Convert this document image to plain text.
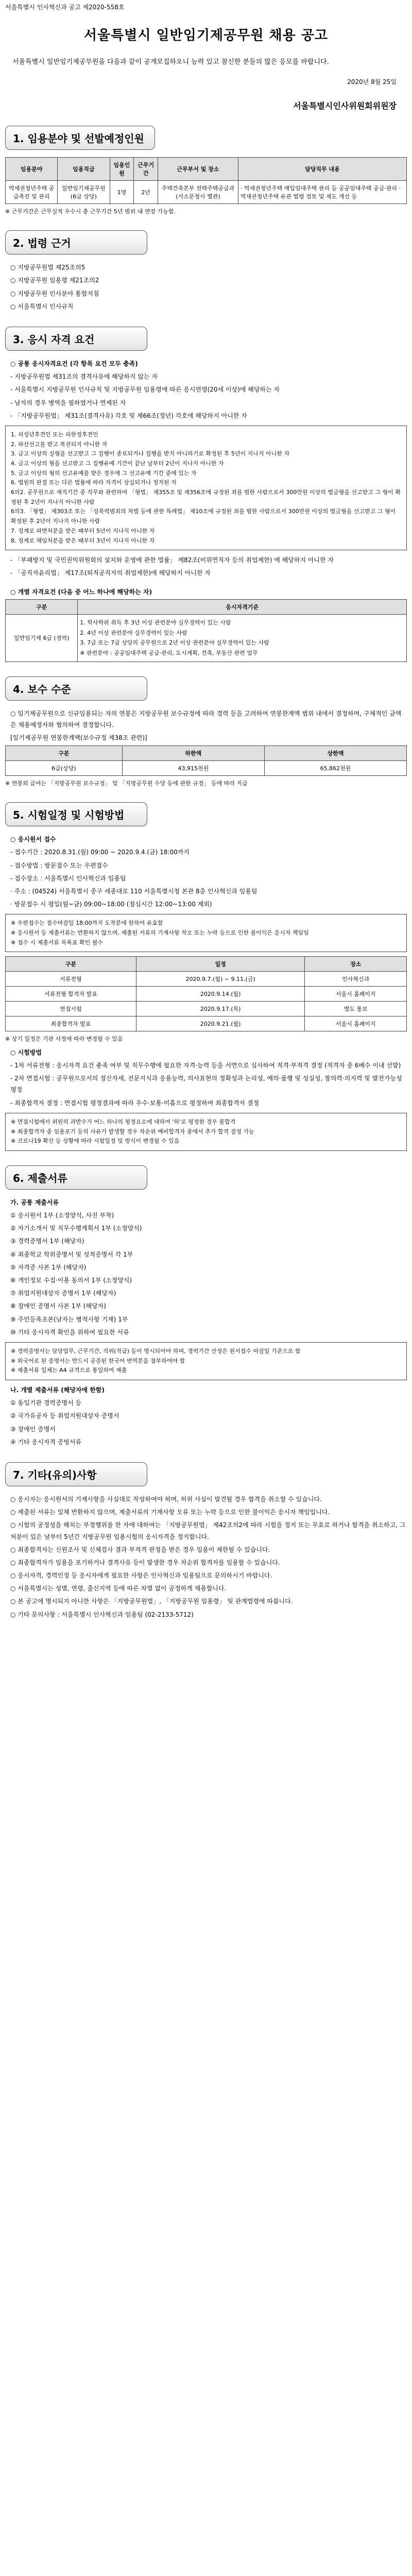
서울특별시 인사혁신과 공고 제2020-558호
서울특별시 일반임기제공무원 채용 공고
서울특별시 일반임기제공무원을 다음과 같이 공개모집하오니 능력 있고 참신한 분들의 많은 응모를 바랍니다.
2020년 8월 25일
서울특별시인사위원회위원장
1. 임용분야 및 선발예정인원
임용분야	임용직급	임용인원	근무기간	근무부서 및 장소	담당직무 내용
역세권청년주택 공급촉진 및 관리	일반임기제공무원 (6급 상당)	1명	2년	주택건축본부 전략주택공급과 (서소문청사 별관)	· 역세권청년주택 매입임대주택 관리 등 공공임대주택 공급·관리 · 역세권청년주택 유관 법령 검토 및 제도 개선 등
※ 근무기간은 근무실적 우수시 총 근무기간 5년 범위 내 연장 가능함.
2. 법령 근거

○ 지방공무원법 제25조의5

○ 지방공무원 임용령 제21조의2

○ 지방공무원 인사분야 통합지침

○ 서울특별시 인사규칙

3. 응시 자격 요건

○ 공통 응시자격요건 (각 항목 요건 모두 충족)

- 지방공무원법 제31조의 결격사유에 해당하지 않는 자

- 서울특별시 지방공무원 인사규칙 및 지방공무원 임용령에 따른 응시연령(20세 이상)에 해당하는 자

- 남자의 경우 병역을 필하였거나 면제된 자

- 「지방공무원법」 제31조(결격사유) 각호 및 제66조(정년) 각호에 해당하지 아니한 자

1. 피성년후견인 또는 피한정후견인
2. 파산선고를 받고 복권되지 아니한 자
3. 금고 이상의 실형을 선고받고 그 집행이 종료되거나 집행을 받지 아니하기로 확정된 후 5년이 지나지 아니한 자
4. 금고 이상의 형을 선고받고 그 집행유예 기간이 끝난 날부터 2년이 지나지 아니한 자
5. 금고 이상의 형의 선고유예를 받은 경우에 그 선고유예 기간 중에 있는 자
6. 법원의 판결 또는 다른 법률에 따라 자격이 상실되거나 정지된 자
6의2. 공무원으로 재직기간 중 직무와 관련하여 「형법」 제355조 및 제356조에 규정된 죄를 범한 사람으로서 300만원 이상의 벌금형을 선고받고 그 형이 확정된 후 2년이 지나지 아니한 사람
6의3. 「형법」 제303조 또는 「성폭력범죄의 처벌 등에 관한 특례법」 제10조에 규정된 죄를 범한 사람으로서 300만원 이상의 벌금형을 선고받고 그 형이 확정된 후 2년이 지나지 아니한 사람
7. 징계로 파면처분을 받은 때부터 5년이 지나지 아니한 자
8. 징계로 해임처분을 받은 때부터 3년이 지나지 아니한 자

- 「부패방지 및 국민권익위원회의 설치와 운영에 관한 법률」 제82조(비위면직자 등의 취업제한) 에 해당하지 아니한 자

- 「공직자윤리법」 제17조(퇴직공직자의 취업제한)에 해당하지 아니한 자

○ 개별 자격요건 (다음 중 어느 하나에 해당하는 자)

구분	응시자격기준
일반임기제 6급 (경력)	1. 학사학위 취득 후 3년 이상 관련분야 실무경력이 있는 사람
2. 4년 이상 관련분야 실무경력이 있는 사람
3. 7급 또는 7급 상당의 공무원으로 2년 이상 관련분야 실무경력이 있는 사람
※ 관련분야 : 공공임대주택 공급·관리, 도시계획, 건축, 부동산 관련 업무
4. 보수 수준

○ 임기제공무원으로 신규임용되는 자의 연봉은 지방공무원 보수규정에 따라 경력 등을 고려하여 연봉한계액 범위 내에서 결정하며, 구체적인 금액은 채용예정자와 협의하여 결정합니다.

[일기제공무원 연봉한계액(보수규정 제38조 관련)]

구분	하한액	상한액
6급(상당)	43,915천원	65,862천원
※ 연봉외 급여는 「지방공무원 보수규정」 및 「지방공무원 수당 등에 관한 규정」 등에 따라 지급
5. 시험일정 및 시험방법

○ 응시원서 접수

- 접수기간 : 2020.8.31.(월) 09:00 ~ 2020.9.4.(금) 18:00까지

- 접수방법 : 방문접수 또는 우편접수

- 접수장소 : 서울특별시 인사혁신과 임용팀

· 주소 : (04524) 서울특별시 중구 세종대로 110 서울특별시청 본관 8층 인사혁신과 임용팀

· 방문접수 시 평일(월~금) 09:00~18:00 (점심시간 12:00~13:00 제외)

※ 우편접수는 접수마감일 18:00까지 도착분에 한하여 유효함
※ 응시원서 등 제출서류는 반환하지 않으며, 제출된 서류의 기재사항 착오 또는 누락 등으로 인한 불이익은 응시자 책임임
※ 접수 시 제출서류 목록표 확인 필수
구분	일정	장소
서류전형	2020.9.7.(월) ~ 9.11.(금)	인사혁신과
서류전형 합격자 발표	2020.9.14.(월)	서울시 홈페이지
면접시험	2020.9.17.(목)	별도 통보
최종합격자 발표	2020.9.21.(월)	서울시 홈페이지
※ 상기 일정은 기관 사정에 따라 변경될 수 있음

○ 시험방법

- 1차 서류전형 : 응시자격 요건 충족 여부 및 직무수행에 필요한 자격·능력 등을 서면으로 심사하여 적격·부적격 결정 (적격자 중 6배수 이내 선발)

- 2차 면접시험 : 공무원으로서의 정신자세, 전문지식과 응용능력, 의사표현의 정확성과 논리성, 예의·품행 및 성실성, 창의력·의지력 및 발전가능성 평정

- 최종합격자 결정 : 면접시험 평정결과에 따라 우수·보통·미흡으로 평정하여 최종합격자 결정

※ 면접시험에서 위원의 과반수가 어느 하나의 평정요소에 대하여 '하'로 평정한 경우 불합격
※ 최종합격자 중 임용포기 등의 사유가 발생할 경우 차순위 예비합격자 중에서 추가 합격 결정 가능
※ 코로나19 확산 등 상황에 따라 시험일정 및 방식이 변경될 수 있음
6. 제출서류

가. 공통 제출서류

① 응시원서 1부 (소정양식, 사진 부착)

② 자기소개서 및 직무수행계획서 1부 (소정양식)

③ 경력증명서 1부 (해당자)

④ 최종학교 학위증명서 및 성적증명서 각 1부

⑤ 자격증 사본 1부 (해당자)

⑥ 개인정보 수집·이용 동의서 1부 (소정양식)

⑦ 취업지원대상자 증명서 1부 (해당자)

⑧ 장애인 증명서 사본 1부 (해당자)

⑨ 주민등록초본(남자는 병적사항 기재) 1부

⑩ 기타 응시자격 확인을 위하여 필요한 서류

※ 경력증명서는 담당업무, 근무기간, 직위(직급) 등이 명시되어야 하며, 경력기간 산정은 원서접수 마감일 기준으로 함
※ 외국어로 된 증명서는 반드시 공증된 한국어 번역본을 첨부하여야 함
※ 제출서류 일체는 A4 규격으로 통일하여 제출

나. 개별 제출서류 (해당자에 한함)

① 동일기관 경력증명서 등

② 국가유공자 등 취업지원대상자 증명서

③ 장애인 증명서

④ 기타 응시자격 증빙서류

7. 기타(유의)사항

○ 응시자는 응시원서의 기재사항을 사실대로 작성하여야 하며, 허위 사실이 발견될 경우 합격을 취소할 수 있습니다.

○ 제출된 서류는 일체 반환하지 않으며, 제출서류의 기재사항 오류 또는 누락 등으로 인한 불이익은 응시자 책임입니다.

○ 시험의 공정성을 해치는 부정행위를 한 자에 대하여는 「지방공무원법」 제42조의2에 따라 시험을 정지 또는 무효로 하거나 합격을 취소하고, 그 처분이 있은 날부터 5년간 지방공무원 임용시험의 응시자격을 정지합니다.

○ 최종합격자는 신원조사 및 신체검사 결과 부적격 판정을 받은 경우 임용이 제한될 수 있습니다.

○ 최종합격자가 임용을 포기하거나 결격사유 등이 발생한 경우 차순위 합격자를 임용할 수 있습니다.

○ 응시자격, 경력인정 등 응시자에게 필요한 사항은 인사혁신과 임용팀으로 문의하시기 바랍니다.

○ 서울특별시는 성별, 연령, 출신지역 등에 따른 차별 없이 공정하게 채용합니다.

○ 본 공고에 명시되지 아니한 사항은 「지방공무원법」, 「지방공무원 임용령」 및 관계법령에 따릅니다.

○ 기타 문의사항 : 서울특별시 인사혁신과 임용팀 (02-2133-5712)
